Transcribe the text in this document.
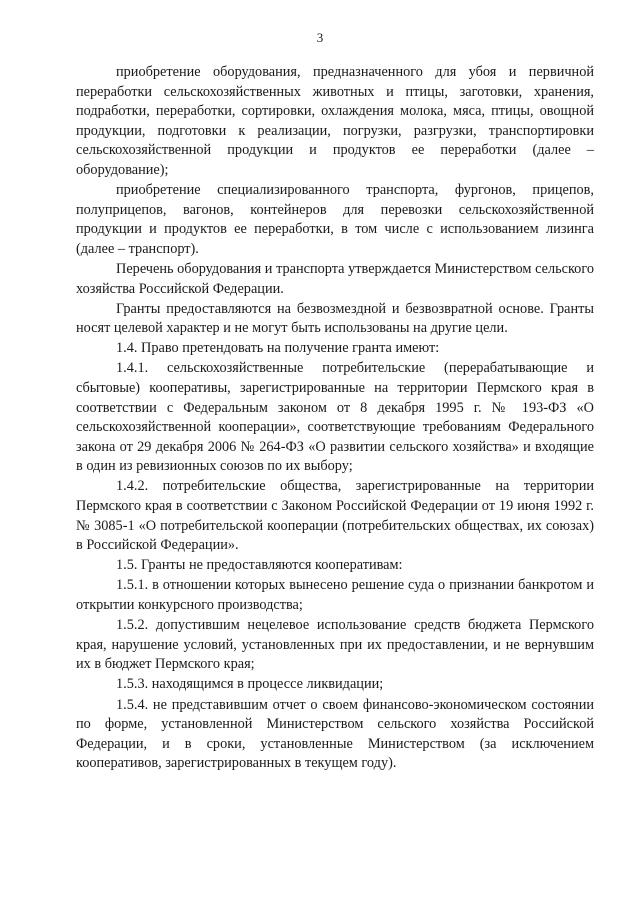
3

приобретение оборудования, предназначенного для убоя и первичной переработки сельскохозяйственных животных и птицы, заготовки, хранения, подработки, переработки, сортировки, охлаждения молока, мяса, птицы, овощной продукции, подготовки к реализации, погрузки, разгрузки, транспортировки сельскохозяйственной продукции и продуктов ее переработки (далее – оборудование);

приобретение специализированного транспорта, фургонов, прицепов, полуприцепов, вагонов, контейнеров для перевозки сельскохозяйственной продукции и продуктов ее переработки, в том числе с использованием лизинга (далее – транспорт).

Перечень оборудования и транспорта утверждается Министерством сельского хозяйства Российской Федерации.

Гранты предоставляются на безвозмездной и безвозвратной основе. Гранты носят целевой характер и не могут быть использованы на другие цели.

1.4. Право претендовать на получение гранта имеют:

1.4.1. сельскохозяйственные потребительские (перерабатывающие и сбытовые) кооперативы, зарегистрированные на территории Пермского края в соответствии с Федеральным законом от 8 декабря 1995 г. № 193-ФЗ «О сельскохозяйственной кооперации», соответствующие требованиям Федерального закона от 29 декабря 2006 № 264-ФЗ «О развитии сельского хозяйства» и входящие в один из ревизионных союзов по их выбору;

1.4.2. потребительские общества, зарегистрированные на территории Пермского края в соответствии с Законом Российской Федерации от 19 июня 1992 г. № 3085-1 «О потребительской кооперации (потребительских обществах, их союзах) в Российской Федерации».

1.5. Гранты не предоставляются кооперативам:

1.5.1. в отношении которых вынесено решение суда о признании банкротом и открытии конкурсного производства;

1.5.2. допустившим нецелевое использование средств бюджета Пермского края, нарушение условий, установленных при их предоставлении, и не вернувшим их в бюджет Пермского края;

1.5.3. находящимся в процессе ликвидации;

1.5.4. не представившим отчет о своем финансово-экономическом состоянии по форме, установленной Министерством сельского хозяйства Российской Федерации, и в сроки, установленные Министерством (за исключением кооперативов, зарегистрированных в текущем году).
